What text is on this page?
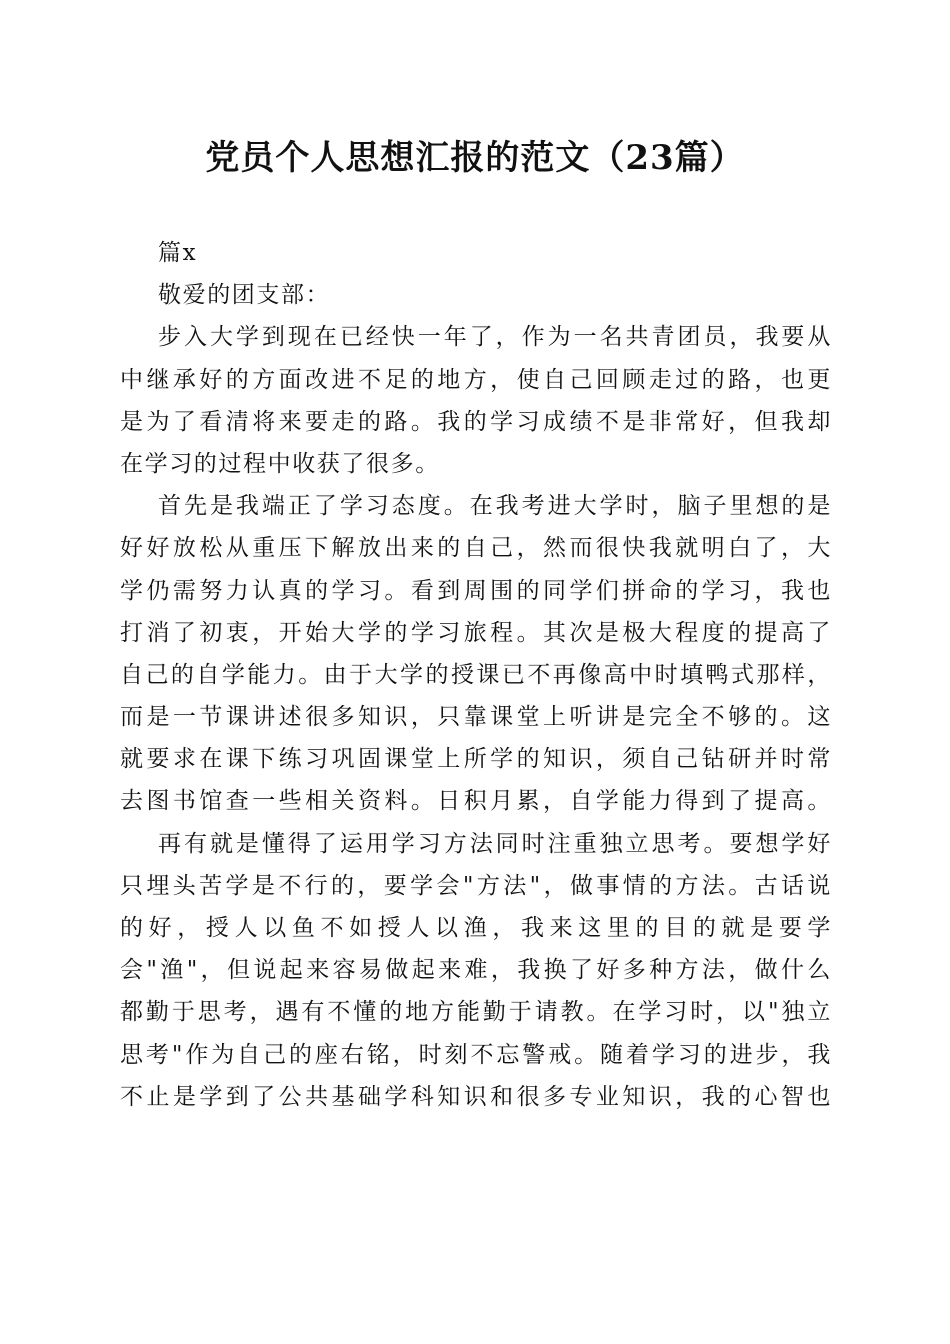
党员个人思想汇报的范文（23篇）
篇x
敬爱的团支部：
步入大学到现在已经快一年了，作为一名共青团员，我要从
中继承好的方面改进不足的地方，使自己回顾走过的路，也更
是为了看清将来要走的路。我的学习成绩不是非常好，但我却
在学习的过程中收获了很多。
首先是我端正了学习态度。在我考进大学时，脑子里想的是
好好放松从重压下解放出来的自己，然而很快我就明白了，大
学仍需努力认真的学习。看到周围的同学们拼命的学习，我也
打消了初衷，开始大学的学习旅程。其次是极大程度的提高了
自己的自学能力。由于大学的授课已不再像高中时填鸭式那样，
而是一节课讲述很多知识，只靠课堂上听讲是完全不够的。这
就要求在课下练习巩固课堂上所学的知识，须自己钻研并时常
去图书馆查一些相关资料。日积月累，自学能力得到了提高。
再有就是懂得了运用学习方法同时注重独立思考。要想学好
只埋头苦学是不行的，要学会"方法"，做事情的方法。古话说
的好，授人以鱼不如授人以渔，我来这里的目的就是要学
会"渔"，但说起来容易做起来难，我换了好多种方法，做什么
都勤于思考，遇有不懂的地方能勤于请教。在学习时，以"独立
思考"作为自己的座右铭，时刻不忘警戒。随着学习的进步，我
不止是学到了公共基础学科知识和很多专业知识，我的心智也
